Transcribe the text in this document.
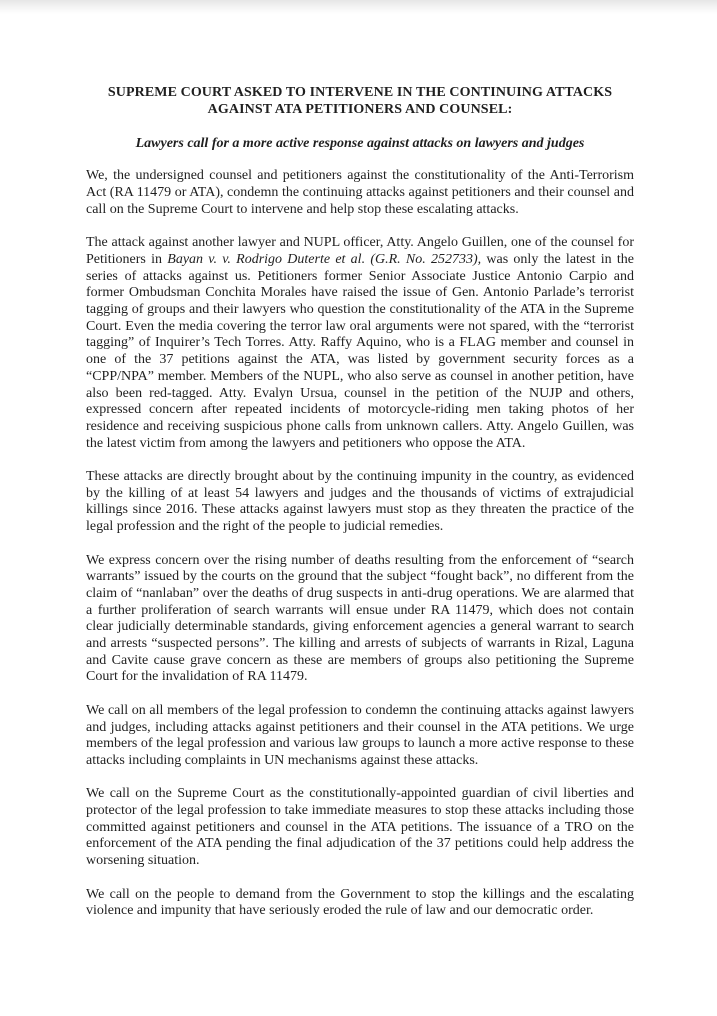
SUPREME COURT ASKED TO INTERVENE IN THE CONTINUING ATTACKS
AGAINST ATA PETITIONERS AND COUNSEL:
Lawyers call for a more active response against attacks on lawyers and judges

We, the undersigned counsel and petitioners against the constitutionality of the Anti-Terrorism Act (RA 11479 or ATA), condemn the continuing attacks against petitioners and their counsel and call on the Supreme Court to intervene and help stop these escalating attacks.

The attack against another lawyer and NUPL officer, Atty. Angelo Guillen, one of the counsel for Petitioners in Bayan v. v. Rodrigo Duterte et al. (G.R. No. 252733), was only the latest in the series of attacks against us. Petitioners former Senior Associate Justice Antonio Carpio and former Ombudsman Conchita Morales have raised the issue of Gen. Antonio Parlade’s terrorist tagging of groups and their lawyers who question the constitutionality of the ATA in the Supreme Court. Even the media covering the terror law oral arguments were not spared, with the “terrorist tagging” of Inquirer’s Tech Torres. Atty. Raffy Aquino, who is a FLAG member and counsel in one of the 37 petitions against the ATA, was listed by government security forces as a “CPP/NPA” member. Members of the NUPL, who also serve as counsel in another petition, have also been red-tagged. Atty. Evalyn Ursua, counsel in the petition of the NUJP and others, expressed concern after repeated incidents of motorcycle-riding men taking photos of her residence and receiving suspicious phone calls from unknown callers. Atty. Angelo Guillen, was the latest victim from among the lawyers and petitioners who oppose the ATA.

These attacks are directly brought about by the continuing impunity in the country, as evidenced by the killing of at least 54 lawyers and judges and the thousands of victims of extrajudicial killings since 2016. These attacks against lawyers must stop as they threaten the practice of the legal profession and the right of the people to judicial remedies.

We express concern over the rising number of deaths resulting from the enforcement of “search warrants” issued by the courts on the ground that the subject “fought back”, no different from the claim of “nanlaban” over the deaths of drug suspects in anti-drug operations. We are alarmed that a further proliferation of search warrants will ensue under RA 11479, which does not contain clear judicially determinable standards, giving enforcement agencies a general warrant to search and arrests “suspected persons”. The killing and arrests of subjects of warrants in Rizal, Laguna and Cavite cause grave concern as these are members of groups also petitioning the Supreme Court for the invalidation of RA 11479.

We call on all members of the legal profession to condemn the continuing attacks against lawyers and judges, including attacks against petitioners and their counsel in the ATA petitions. We urge members of the legal profession and various law groups to launch a more active response to these attacks including complaints in UN mechanisms against these attacks.

We call on the Supreme Court as the constitutionally-appointed guardian of civil liberties and protector of the legal profession to take immediate measures to stop these attacks including those committed against petitioners and counsel in the ATA petitions. The issuance of a TRO on the enforcement of the ATA pending the final adjudication of the 37 petitions could help address the worsening situation.

We call on the people to demand from the Government to stop the killings and the escalating violence and impunity that have seriously eroded the rule of law and our democratic order.
